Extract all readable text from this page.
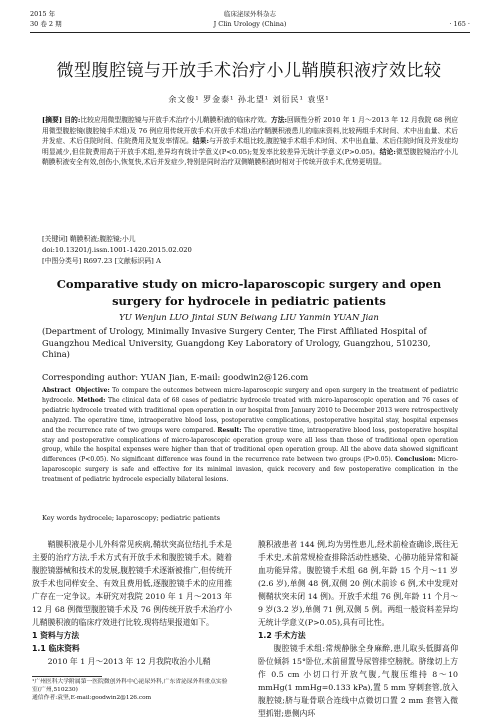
2015 年	临床泌尿外科杂志
30 卷 2 期	J Clin Urology (China)	· 165 ·
微型腹腔镜与开放手术治疗小儿鞘膜积液疗效比较
余文俊¹ 罗金泰¹ 孙北望¹ 刘衍民¹ 袁坚¹
[摘要] 目的:比较应用微型腹腔镜与开放手术治疗小儿鞘膜积液的临床疗效。方法:回顾性分析 2010 年 1 月～2013 年 12 月我院 68 例应用微型腹腔镜(腹腔镜手术组)及 76 例应用传统开放手术(开放手术组)治疗鞘膜积液患儿的临床资料,比较两组手术时间、术中出血量、术后并发症、术后住院时间、住院费用及复发率情况。结果:与开放手术组比较,腹腔镜手术组手术时间、术中出血量、术后住院时间及并发症均明显减少,但住院费用高于开放手术组,差异均有统计学意义(P<0.05);复发率比较差异无统计学意义(P>0.05)。结论:微型腹腔镜治疗小儿鞘膜积液安全有效,创伤小,恢复快,术后并发症少,特别是同时治疗双侧鞘膜积液时相对于传统开放手术,优势更明显。
[关键词] 鞘膜积液;腹腔镜;小儿
doi:10.13201/j.issn.1001-1420.2015.02.020
[中图分类号] R697.23 [文献标识码] A
Comparative study on micro-laparoscopic surgery and open surgery for hydrocele in pediatric patients
YU Wenjun LUO Jintai SUN Beiwang LIU Yanmin YUAN Jian
(Department of Urology, Minimally Invasive Surgery Center, The First Affiliated Hospital of Guangzhou Medical University, Guangdong Key Laboratory of Urology, Guangzhou, 510230, China)
Corresponding author: YUAN Jian, E-mail: goodwin2@126.com
Abstract Objective: To compare the outcomes between micro-laparoscopic surgery and open surgery in the treatment of pediatric hydrocele. Method: The clinical data of 68 cases of pediatric hydrocele treated with micro-laparoscopic operation and 76 cases of pediatric hydrocele treated with traditional open operation in our hospital from January 2010 to December 2013 were retrospectively analyzed. The operative time, intraoperative blood loss, postoperative complications, postoperative hospital stay, hospital expenses and the recurrence rate of two groups were compared. Result: The operative time, intraoperative blood loss, postoperative hospital stay and postoperative complications of micro-laparoscopic operation group were all less than those of traditional open operation group, while the hospital expenses were higher than that of traditional open operation group. All the above data showed significant differences (P<0.05). No significant difference was found in the recurrence rate between two groups (P>0.05). Conclusion: Micro-laparoscopic surgery is safe and effective for its minimal invasion, quick recovery and few postoperative complication in the treatment of pediatric hydrocele especially bilateral lesions.
Key words hydrocele; laparoscopy; pediatric patients

鞘膜积液是小儿外科常见疾病,鞘状突高位结扎手术是主要的治疗方法,手术方式有开放手术和腹腔镜手术。随着腹腔镜器械和技术的发展,腹腔镜手术逐渐被推广,但传统开放手术也同样安全、有效且费用低,逐腹腔镜手术的应用推广存在一定争议。本研究对我院 2010 年 1 月～2013 年 12 月 68 例微型腹腔镜手术及 76 例传统开放手术治疗小儿鞘膜积液的临床疗效进行比较,现将结果报道如下。

1 资料与方法
1.1 临床资料

2010 年 1 月～2013 年 12 月我院收治小儿鞘

¹广州医科大学附属第一医院微创外科中心泌尿外科,广东省泌尿外科重点实验室(广州,510230)
通信作者:袁坚,E-mail:goodwin2@126.com

膜积液患者 144 例,均为男性患儿,经术前检查确诊,既往无手术史,术前常规检查排除活动性感染、心肺功能异常和凝血功能异常。腹腔镜手术组 68 例,年龄 15 个月～11 岁(2.6 岁),单侧 48 例,双侧 20 例(术前诊 6 例,术中发现对侧鞘状突未闭 14 例)。开放手术组 76 例,年龄 11 个月～9 岁(3.2 岁),单侧 71 例,双侧 5 例。两组一般资料差异均无统计学意义(P>0.05),具有可比性。

1.2 手术方法

腹腔镜手术组:常规静脉全身麻醉,患儿取头低脚高仰卧位倾斜 15°卧位,术前留置导尿管排空膀胱。脐缘切上方作 0.5 cm 小切口行开放气腹,气腹压维持 8～10 mmHg(1 mmHg=0.133 kPa),置 5 mm 穿刺套管,放入腹腔镜;脐与耻骨联合连线中点微切口置 2 mm 套管入微型抓钳;患侧内环
